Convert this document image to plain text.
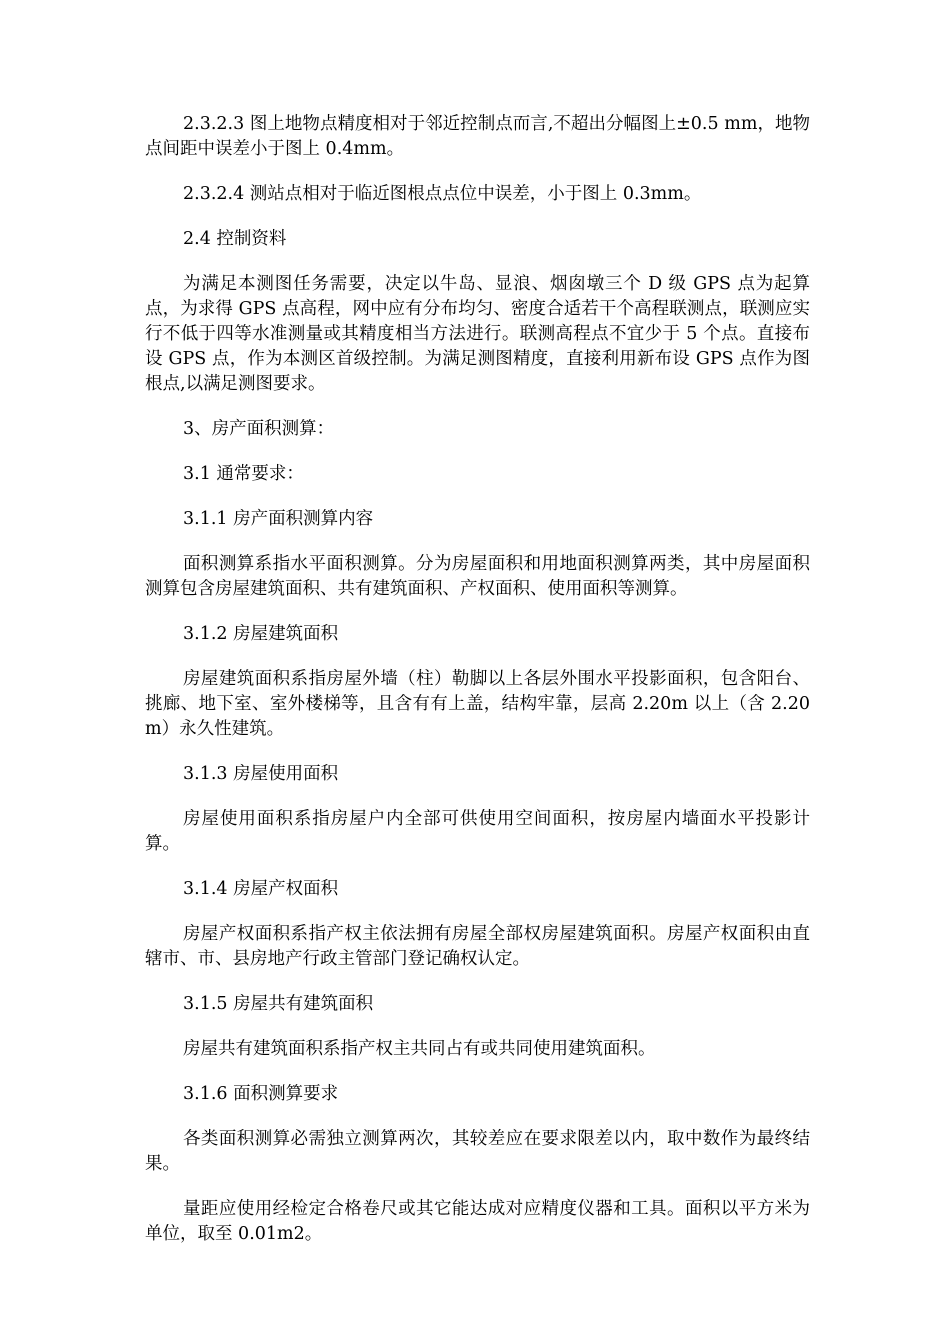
2.3.2.3 图上地物点精度相对于邻近控制点而言,不超出分幅图上±0.5 mm，地物点间距中误差小于图上 0.4mm。

2.3.2.4 测站点相对于临近图根点点位中误差，小于图上 0.3mm。

2.4 控制资料

为满足本测图任务需要，决定以牛岛、显浪、烟囱墩三个 D 级 GPS 点为起算点，为求得 GPS 点高程，网中应有分布均匀、密度合适若干个高程联测点，联测应实行不低于四等水准测量或其精度相当方法进行。联测高程点不宜少于 5 个点。直接布设 GPS 点，作为本测区首级控制。为满足测图精度，直接利用新布设 GPS 点作为图根点,以满足测图要求。

3、房产面积测算：

3.1 通常要求：

3.1.1 房产面积测算内容

面积测算系指水平面积测算。分为房屋面积和用地面积测算两类，其中房屋面积测算包含房屋建筑面积、共有建筑面积、产权面积、使用面积等测算。

3.1.2 房屋建筑面积

房屋建筑面积系指房屋外墙（柱）勒脚以上各层外围水平投影面积，包含阳台、挑廊、地下室、室外楼梯等，且含有有上盖，结构牢靠，层高 2.20m 以上（含 2.20m）永久性建筑。

3.1.3 房屋使用面积

房屋使用面积系指房屋户内全部可供使用空间面积，按房屋内墙面水平投影计算。

3.1.4 房屋产权面积

房屋产权面积系指产权主依法拥有房屋全部权房屋建筑面积。房屋产权面积由直辖市、市、县房地产行政主管部门登记确权认定。

3.1.5 房屋共有建筑面积

房屋共有建筑面积系指产权主共同占有或共同使用建筑面积。

3.1.6 面积测算要求

各类面积测算必需独立测算两次，其较差应在要求限差以内，取中数作为最终结果。

量距应使用经检定合格卷尺或其它能达成对应精度仪器和工具。面积以平方米为单位，取至 0.01m2。
